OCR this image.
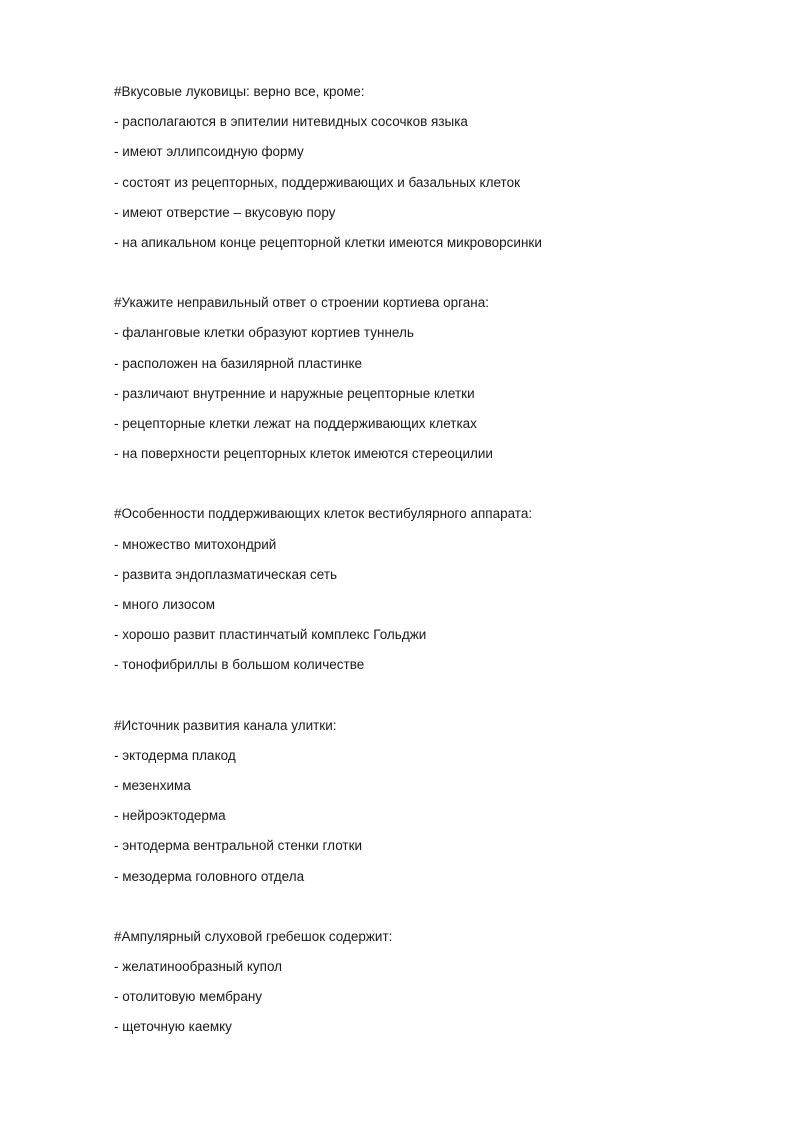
#Вкусовые луковицы: верно все, кроме:
- располагаются в эпителии нитевидных сосочков языка
- имеют эллипсоидную форму
- состоят из рецепторных, поддерживающих и базальных клеток
- имеют отверстие – вкусовую пору
- на апикальном конце рецепторной клетки имеются микроворсинки
#Укажите неправильный ответ о строении кортиева органа:
- фаланговые клетки образуют кортиев туннель
- расположен на базилярной пластинке
- различают внутренние и наружные рецепторные клетки
- рецепторные клетки лежат на поддерживающих клетках
- на поверхности рецепторных клеток имеются стереоцилии
#Особенности поддерживающих клеток вестибулярного аппарата:
- множество митохондрий
- развита эндоплазматическая сеть
- много лизосом
- хорошо развит пластинчатый комплекс Гольджи
- тонофибриллы в большом количестве
#Источник развития канала улитки:
- эктодерма плакод
- мезенхима
- нейроэктодерма
- энтодерма вентральной стенки глотки
- мезодерма головного отдела
#Ампулярный слуховой гребешок содержит:
- желатинообразный купол
- отолитовую мембрану
- щеточную каемку
